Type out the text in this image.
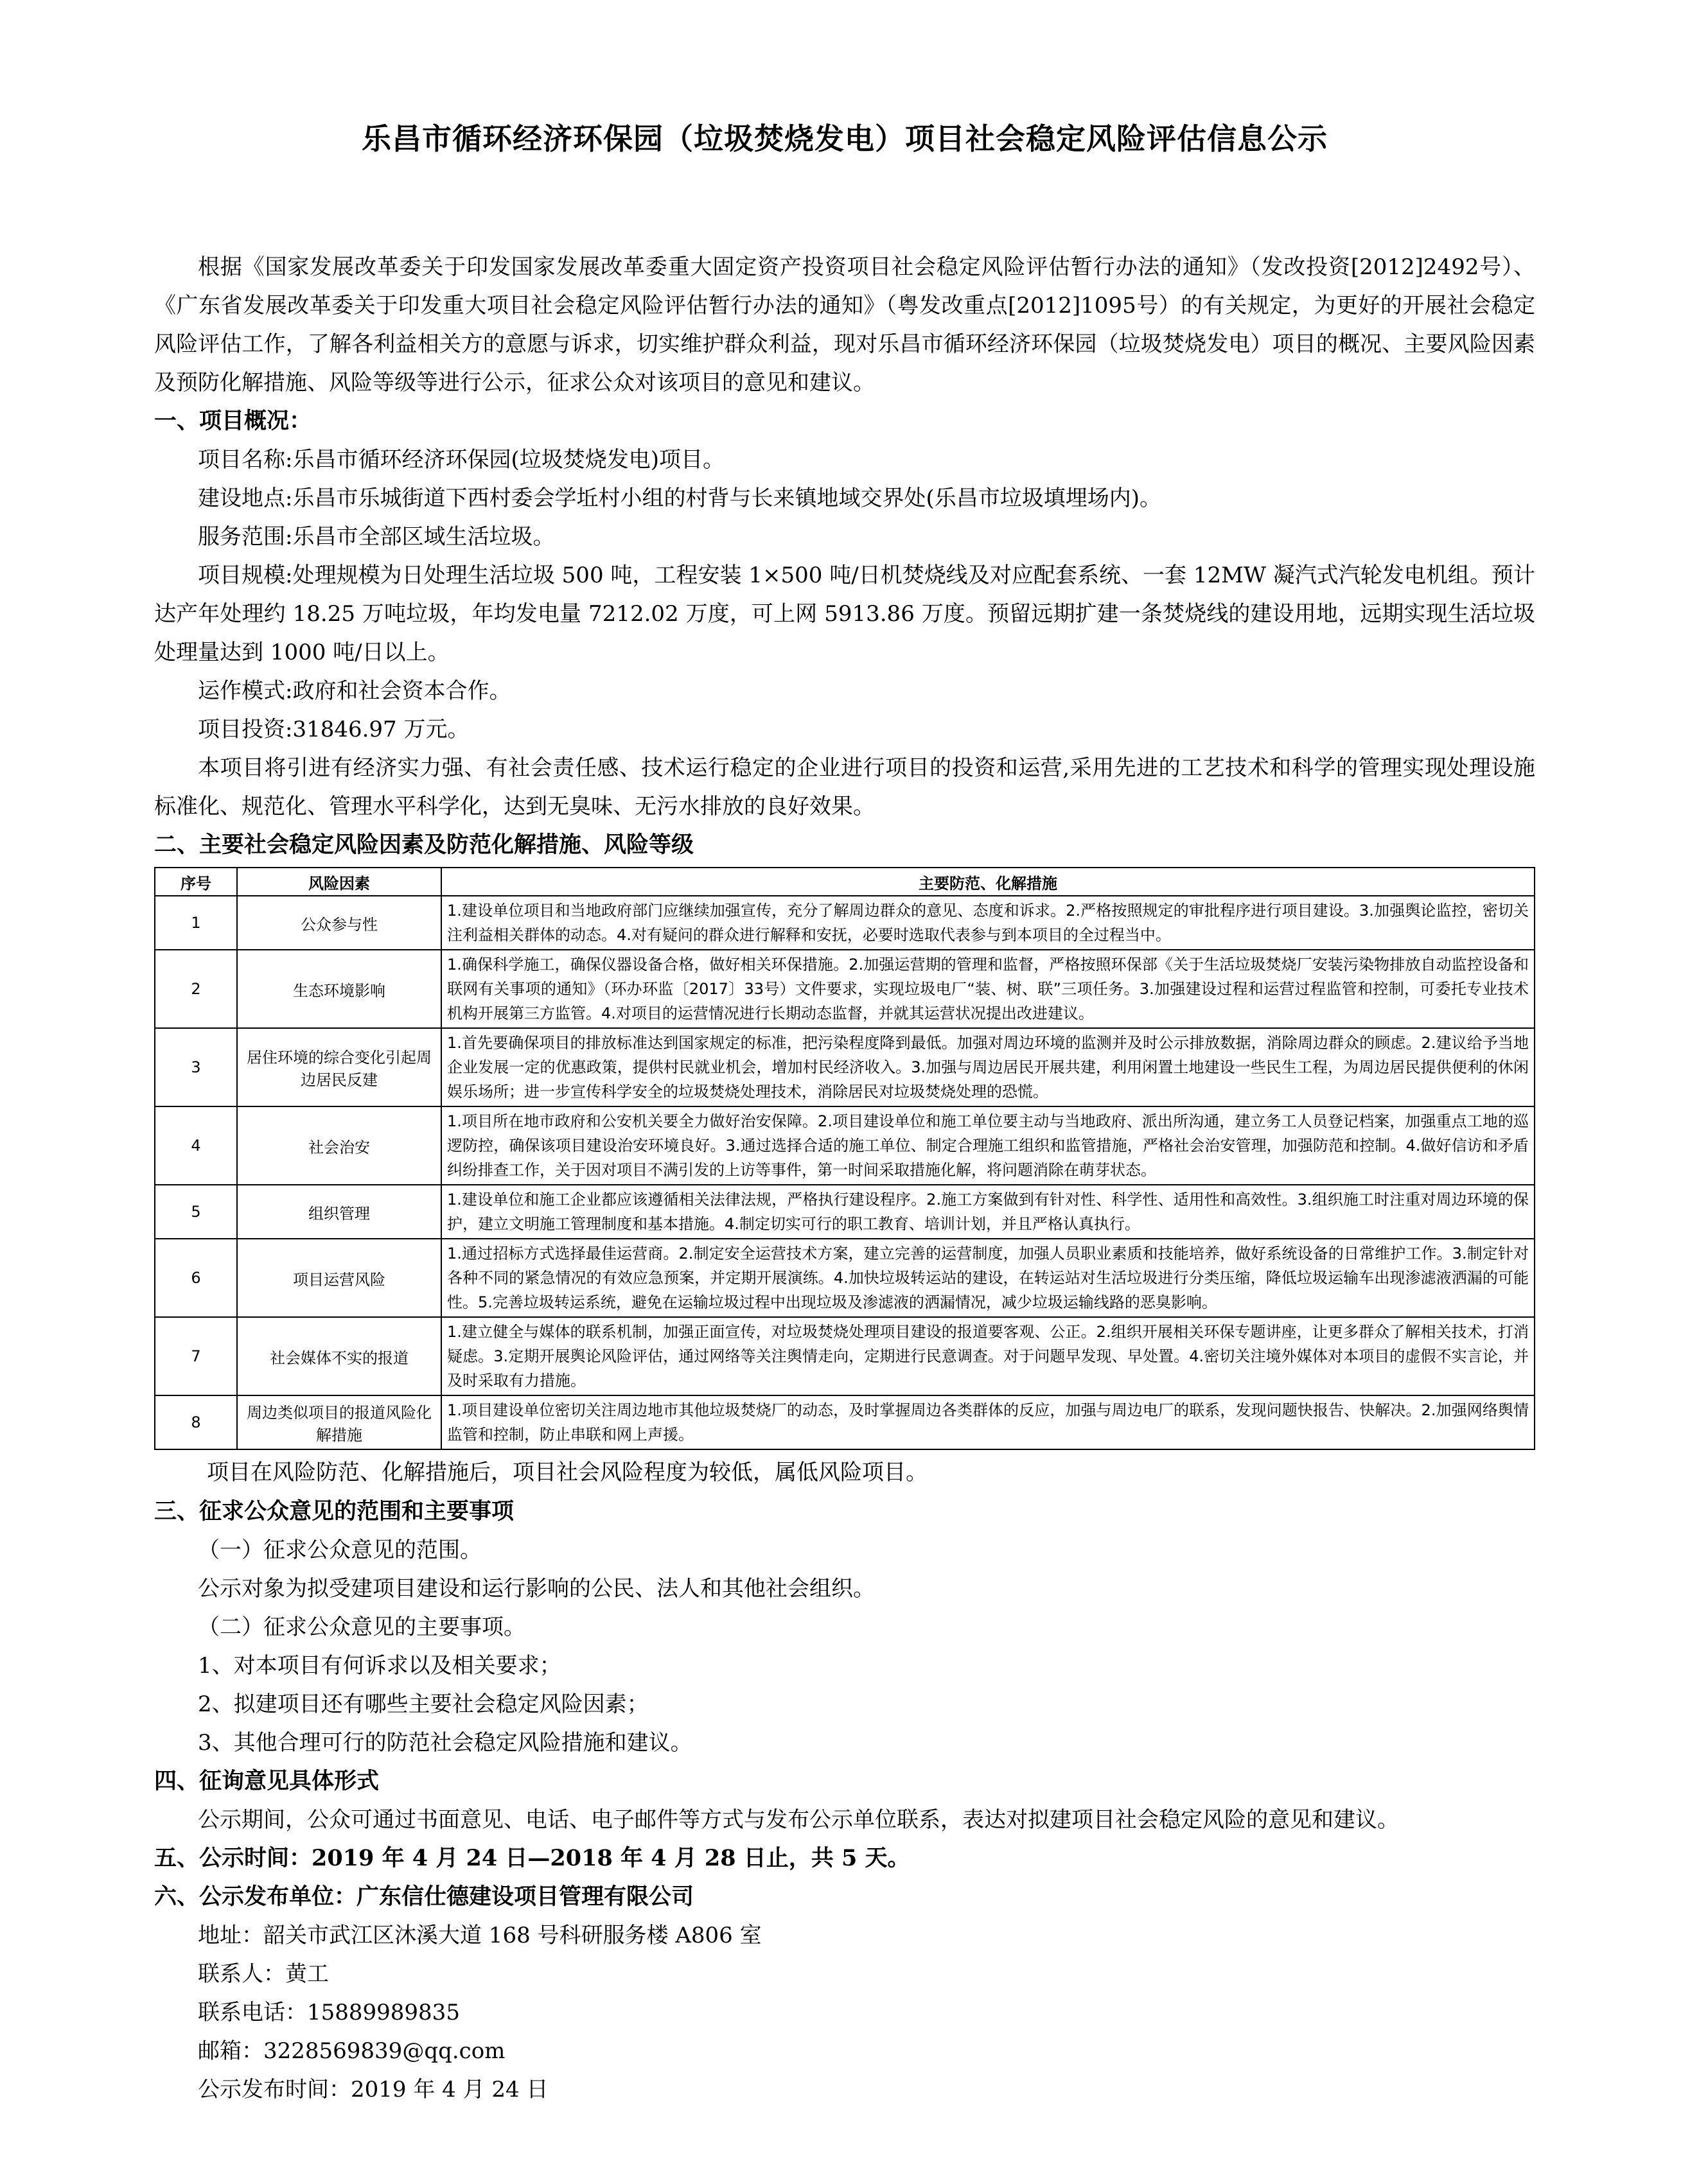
乐昌市循环经济环保园（垃圾焚烧发电）项目社会稳定风险评估信息公示

根据《国家发展改革委关于印发国家发展改革委重大固定资产投资项目社会稳定风险评估暂行办法的通知》（发改投资[2012]2492号）、《广东省发展改革委关于印发重大项目社会稳定风险评估暂行办法的通知》（粤发改重点[2012]1095号）的有关规定，为更好的开展社会稳定风险评估工作，了解各利益相关方的意愿与诉求，切实维护群众利益，现对乐昌市循环经济环保园（垃圾焚烧发电）项目的概况、主要风险因素及预防化解措施、风险等级等进行公示，征求公众对该项目的意见和建议。

一、项目概况：

项目名称:乐昌市循环经济环保园(垃圾焚烧发电)项目。

建设地点:乐昌市乐城街道下西村委会学坵村小组的村背与长来镇地域交界处(乐昌市垃圾填埋场内)。

服务范围:乐昌市全部区域生活垃圾。

项目规模:处理规模为日处理生活垃圾 500 吨，工程安装 1×500 吨/日机焚烧线及对应配套系统、一套 12MW 凝汽式汽轮发电机组。预计达产年处理约 18.25 万吨垃圾，年均发电量 7212.02 万度，可上网 5913.86 万度。预留远期扩建一条焚烧线的建设用地，远期实现生活垃圾处理量达到 1000 吨/日以上。

运作模式:政府和社会资本合作。

项目投资:31846.97 万元。

本项目将引进有经济实力强、有社会责任感、技术运行稳定的企业进行项目的投资和运营,采用先进的工艺技术和科学的管理实现处理设施标准化、规范化、管理水平科学化，达到无臭味、无污水排放的良好效果。

二、主要社会稳定风险因素及防范化解措施、风险等级

序号	风险因素	主要防范、化解措施
1	公众参与性	1.建设单位项目和当地政府部门应继续加强宣传，充分了解周边群众的意见、态度和诉求。2.严格按照规定的审批程序进行项目建设。3.加强舆论监控，密切关注利益相关群体的动态。4.对有疑问的群众进行解释和安抚，必要时选取代表参与到本项目的全过程当中。
2	生态环境影响	1.确保科学施工，确保仪器设备合格，做好相关环保措施。2.加强运营期的管理和监督，严格按照环保部《关于生活垃圾焚烧厂安装污染物排放自动监控设备和联网有关事项的通知》（环办环监〔2017〕33号）文件要求，实现垃圾电厂“装、树、联”三项任务。3.加强建设过程和运营过程监管和控制，可委托专业技术机构开展第三方监管。4.对项目的运营情况进行长期动态监督，并就其运营状况提出改进建议。
3	居住环境的综合变化引起周边居民反建	1.首先要确保项目的排放标准达到国家规定的标准，把污染程度降到最低。加强对周边环境的监测并及时公示排放数据，消除周边群众的顾虑。2.建议给予当地企业发展一定的优惠政策，提供村民就业机会，增加村民经济收入。3.加强与周边居民开展共建，利用闲置土地建设一些民生工程，为周边居民提供便利的休闲娱乐场所；进一步宣传科学安全的垃圾焚烧处理技术，消除居民对垃圾焚烧处理的恐慌。
4	社会治安	1.项目所在地市政府和公安机关要全力做好治安保障。2.项目建设单位和施工单位要主动与当地政府、派出所沟通，建立务工人员登记档案，加强重点工地的巡逻防控，确保该项目建设治安环境良好。3.通过选择合适的施工单位、制定合理施工组织和监管措施，严格社会治安管理，加强防范和控制。4.做好信访和矛盾纠纷排查工作，关于因对项目不满引发的上访等事件，第一时间采取措施化解，将问题消除在萌芽状态。
5	组织管理	1.建设单位和施工企业都应该遵循相关法律法规，严格执行建设程序。2.施工方案做到有针对性、科学性、适用性和高效性。3.组织施工时注重对周边环境的保护，建立文明施工管理制度和基本措施。4.制定切实可行的职工教育、培训计划，并且严格认真执行。
6	项目运营风险	1.通过招标方式选择最佳运营商。2.制定安全运营技术方案，建立完善的运营制度，加强人员职业素质和技能培养，做好系统设备的日常维护工作。3.制定针对各种不同的紧急情况的有效应急预案，并定期开展演练。4.加快垃圾转运站的建设，在转运站对生活垃圾进行分类压缩，降低垃圾运输车出现渗滤液洒漏的可能性。5.完善垃圾转运系统，避免在运输垃圾过程中出现垃圾及渗滤液的洒漏情况，减少垃圾运输线路的恶臭影响。
7	社会媒体不实的报道	1.建立健全与媒体的联系机制，加强正面宣传，对垃圾焚烧处理项目建设的报道要客观、公正。2.组织开展相关环保专题讲座，让更多群众了解相关技术，打消疑虑。3.定期开展舆论风险评估，通过网络等关注舆情走向，定期进行民意调查。对于问题早发现、早处置。4.密切关注境外媒体对本项目的虚假不实言论，并及时采取有力措施。
8	周边类似项目的报道风险化解措施	1.项目建设单位密切关注周边地市其他垃圾焚烧厂的动态，及时掌握周边各类群体的反应，加强与周边电厂的联系，发现问题快报告、快解决。2.加强网络舆情监管和控制，防止串联和网上声援。

项目在风险防范、化解措施后，项目社会风险程度为较低，属低风险项目。

三、征求公众意见的范围和主要事项

（一）征求公众意见的范围。

公示对象为拟受建项目建设和运行影响的公民、法人和其他社会组织。

（二）征求公众意见的主要事项。

1、对本项目有何诉求以及相关要求；

2、拟建项目还有哪些主要社会稳定风险因素；

3、其他合理可行的防范社会稳定风险措施和建议。

四、征询意见具体形式

公示期间，公众可通过书面意见、电话、电子邮件等方式与发布公示单位联系，表达对拟建项目社会稳定风险的意见和建议。

五、公示时间：2019 年 4 月 24 日—2018 年 4 月 28 日止，共 5 天。

六、公示发布单位：广东信仕德建设项目管理有限公司

地址：韶关市武江区沐溪大道 168 号科研服务楼 A806 室

联系人：黄工

联系电话：15889989835

邮箱：3228569839@qq.com

公示发布时间：2019 年 4 月 24 日
